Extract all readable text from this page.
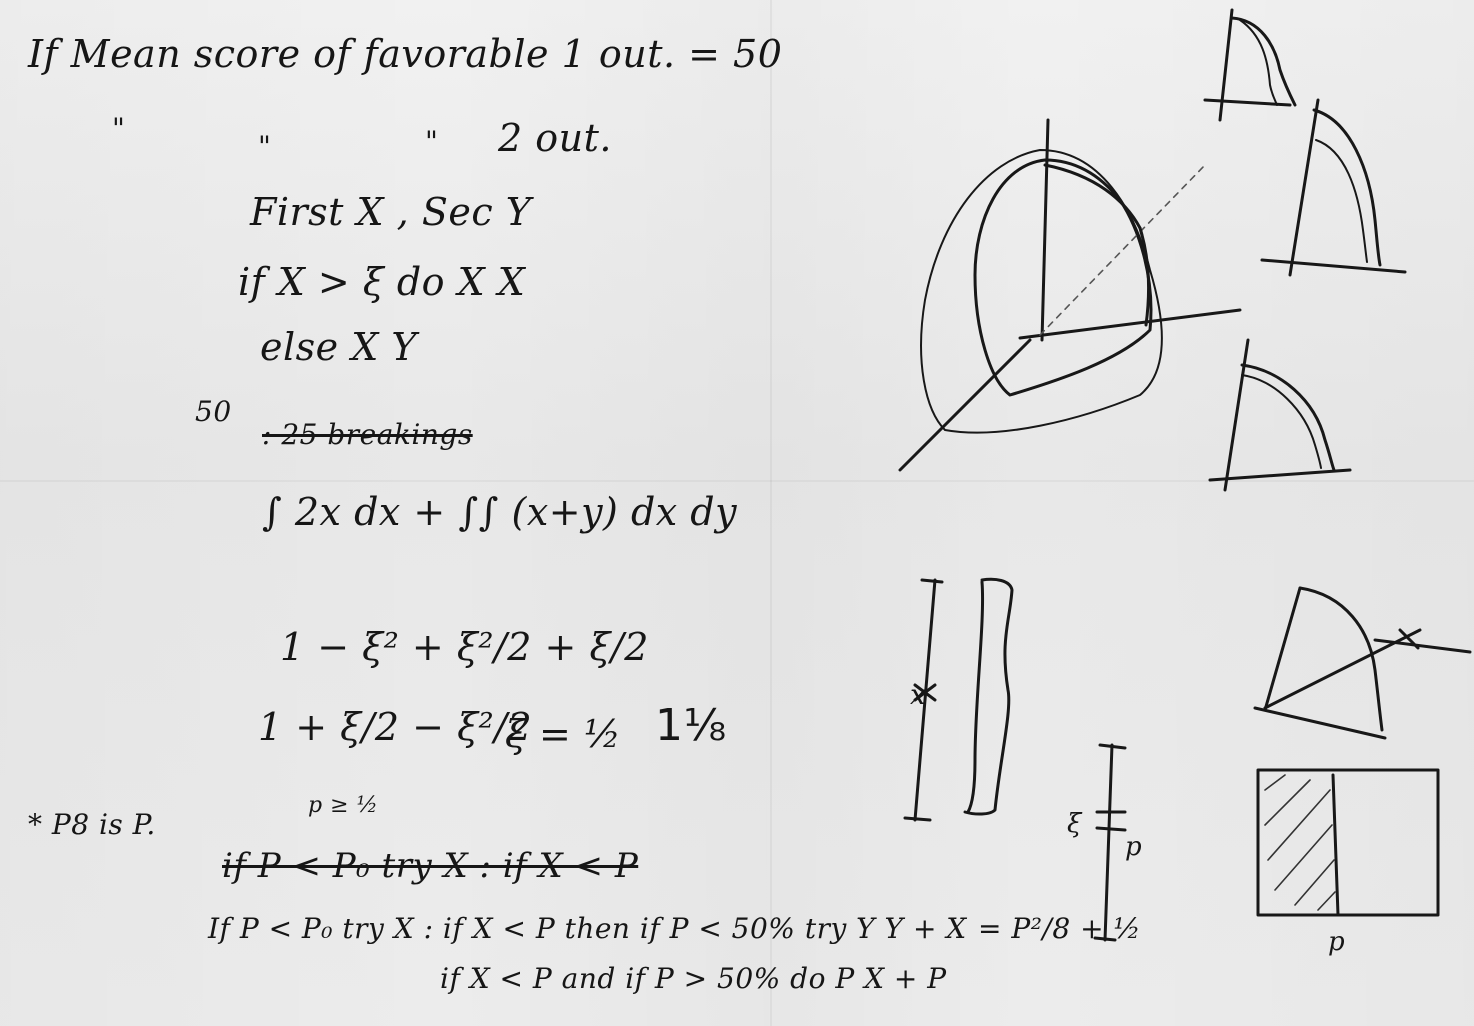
If Mean score of favorable 1 out. = 50
"
"	" 2 out.
First X , Sec Y
if X > ξ do X X
else X Y
50
: 25 breakings
∫ 2x dx + ∫∫ (x+y) dx dy
1 − ξ² + ξ²/2 + ξ/2
1 + ξ/2 − ξ²/2
ξ = ½ 1⅛
p ≥ ½
* P8 is P.
if P < P₀ try X : if X < P
If P < P₀ try X : if X < P then if P < 50% try Y Y + X = P²/8 + ½
if X < P and if P > 50% do P X + P
ξ
p
p
x
